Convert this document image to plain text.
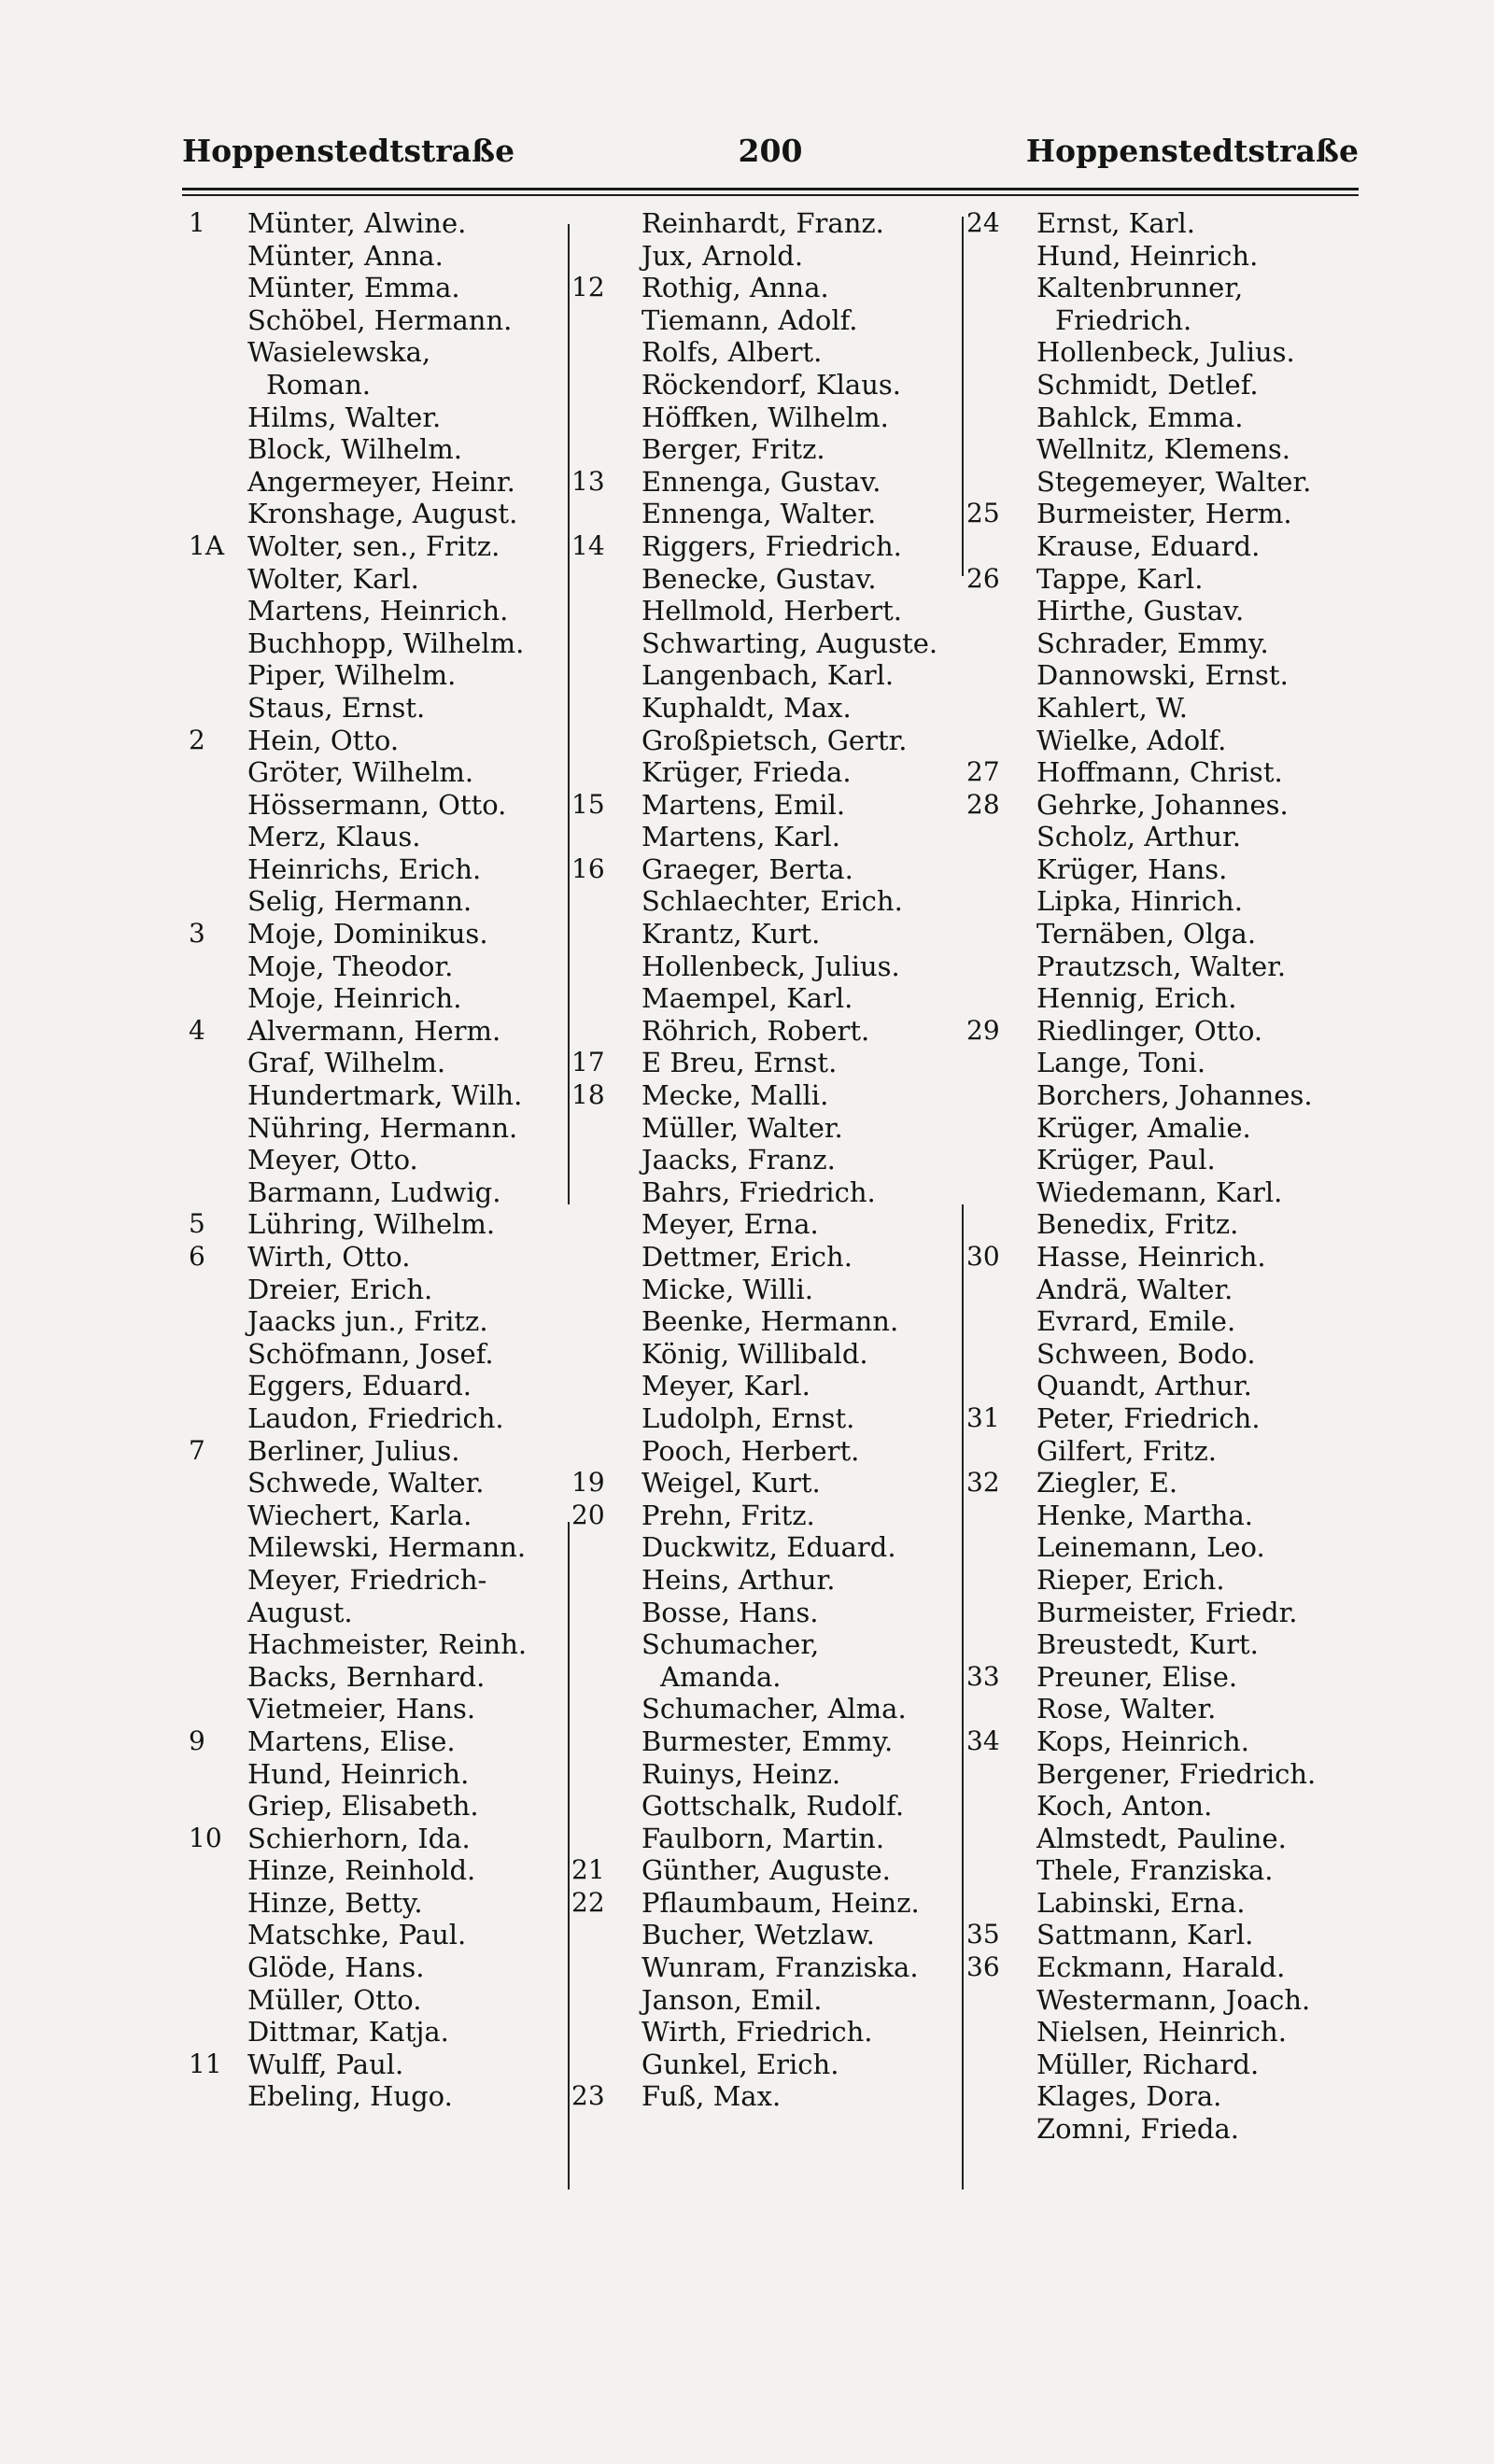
Hoppenstedtstraße	200	Hoppenstedtstraße
1	Münter, Alwine.
Münter, Anna.
Münter, Emma.
Schöbel, Hermann.
Wasielewska,
Roman.
Hilms, Walter.
Block, Wilhelm.
Angermeyer, Heinr.
Kronshage, August.
1A Wolter, sen., Fritz.
Wolter, Karl.
Martens, Heinrich.
Buchhopp, Wilhelm.
Piper, Wilhelm.
Staus, Ernst.
2	Hein, Otto.
Gröter, Wilhelm.
Hössermann, Otto.
Merz, Klaus.
Heinrichs, Erich.
Selig, Hermann.
3	Moje, Dominikus.
Moje, Theodor.
Moje, Heinrich.
4	Alvermann, Herm.
Graf, Wilhelm.
Hundertmark, Wilh.
Nühring, Hermann.
Meyer, Otto.
Barmann, Ludwig.
5	Lühring, Wilhelm.
6	Wirth, Otto.
Dreier, Erich.
Jaacks jun., Fritz.
Schöfmann, Josef.
Eggers, Eduard.
Laudon, Friedrich.
7	Berliner, Julius.
Schwede, Walter.
Wiechert, Karla.
Milewski, Hermann.
Meyer, Friedrich-
August.
Hachmeister, Reinh.
Backs, Bernhard.
Vietmeier, Hans.
9	Martens, Elise.
Hund, Heinrich.
Griep, Elisabeth.
10 Schierhorn, Ida.
Hinze, Reinhold.
Hinze, Betty.
Matschke, Paul.
Glöde, Hans.
Müller, Otto.
Dittmar, Katja.
11 Wulff, Paul.
Ebeling, Hugo.
Reinhardt, Franz.
Jux, Arnold.
12	Rothig, Anna.
Tiemann, Adolf.
Rolfs, Albert.
Röckendorf, Klaus.
Höffken, Wilhelm.
Berger, Fritz.
13	Ennenga, Gustav.
Ennenga, Walter.
14	Riggers, Friedrich.
Benecke, Gustav.
Hellmold, Herbert.
Schwarting, Auguste.
Langenbach, Karl.
Kuphaldt, Max.
Großpietsch, Gertr.
Krüger, Frieda.
15	Martens, Emil.
Martens, Karl.
16	Graeger, Berta.
Schlaechter, Erich.
Krantz, Kurt.
Hollenbeck, Julius.
Maempel, Karl.
Röhrich, Robert.
17	E Breu, Ernst.
18	Mecke, Malli.
Müller, Walter.
Jaacks, Franz.
Bahrs, Friedrich.
Meyer, Erna.
Dettmer, Erich.
Micke, Willi.
Beenke, Hermann.
König, Willibald.
Meyer, Karl.
Ludolph, Ernst.
Pooch, Herbert.
19	Weigel, Kurt.
20	Prehn, Fritz.
Duckwitz, Eduard.
Heins, Arthur.
Bosse, Hans.
Schumacher,
Amanda.
Schumacher, Alma.
Burmester, Emmy.
Ruinys, Heinz.
Gottschalk, Rudolf.
Faulborn, Martin.
21	Günther, Auguste.
22	Pflaumbaum, Heinz.
Bucher, Wetzlaw.
Wunram, Franziska.
Janson, Emil.
Wirth, Friedrich.
Gunkel, Erich.
23	Fuß, Max.
24	Ernst, Karl.
Hund, Heinrich.
Kaltenbrunner,
Friedrich.
Hollenbeck, Julius.
Schmidt, Detlef.
Bahlck, Emma.
Wellnitz, Klemens.
Stegemeyer, Walter.
25	Burmeister, Herm.
Krause, Eduard.
26	Tappe, Karl.
Hirthe, Gustav.
Schrader, Emmy.
Dannowski, Ernst.
Kahlert, W.
Wielke, Adolf.
27	Hoffmann, Christ.
28	Gehrke, Johannes.
Scholz, Arthur.
Krüger, Hans.
Lipka, Hinrich.
Ternäben, Olga.
Prautzsch, Walter.
Hennig, Erich.
29	Riedlinger, Otto.
Lange, Toni.
Borchers, Johannes.
Krüger, Amalie.
Krüger, Paul.
Wiedemann, Karl.
Benedix, Fritz.
30	Hasse, Heinrich.
Andrä, Walter.
Evrard, Emile.
Schween, Bodo.
Quandt, Arthur.
31	Peter, Friedrich.
Gilfert, Fritz.
32	Ziegler, E.
Henke, Martha.
Leinemann, Leo.
Rieper, Erich.
Burmeister, Friedr.
Breustedt, Kurt.
33	Preuner, Elise.
Rose, Walter.
34	Kops, Heinrich.
Bergener, Friedrich.
Koch, Anton.
Almstedt, Pauline.
Thele, Franziska.
Labinski, Erna.
35	Sattmann, Karl.
36	Eckmann, Harald.
Westermann, Joach.
Nielsen, Heinrich.
Müller, Richard.
Klages, Dora.
Zomni, Frieda.
